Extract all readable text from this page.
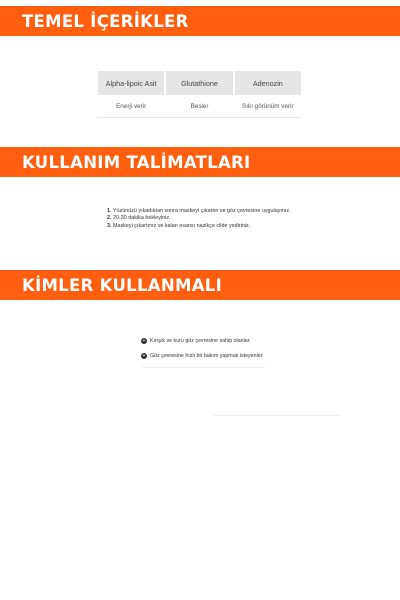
TEMEL İÇERİKLER
Alpha-lipoic Asit	Glutathione	Adenozin
Enerji verir	Besler	Sıkı görünüm verir
KULLANIM TALİMATLARI
1. Yüzünüzü yıkadıktan sonra maskeyi çıkartın ve göz çevresine uygulayınız.
2. 20-30 dakika bekleyiniz.
3. Maskeyi çıkartınız ve kalan esansı nazikçe cilde yediriniz.
KİMLER KULLANMALI
+ Kırışık ve kuru göz çevresine sahip olanlar.
+ Göz çevresine hızlı bir bakım yapmak isteyenler.
